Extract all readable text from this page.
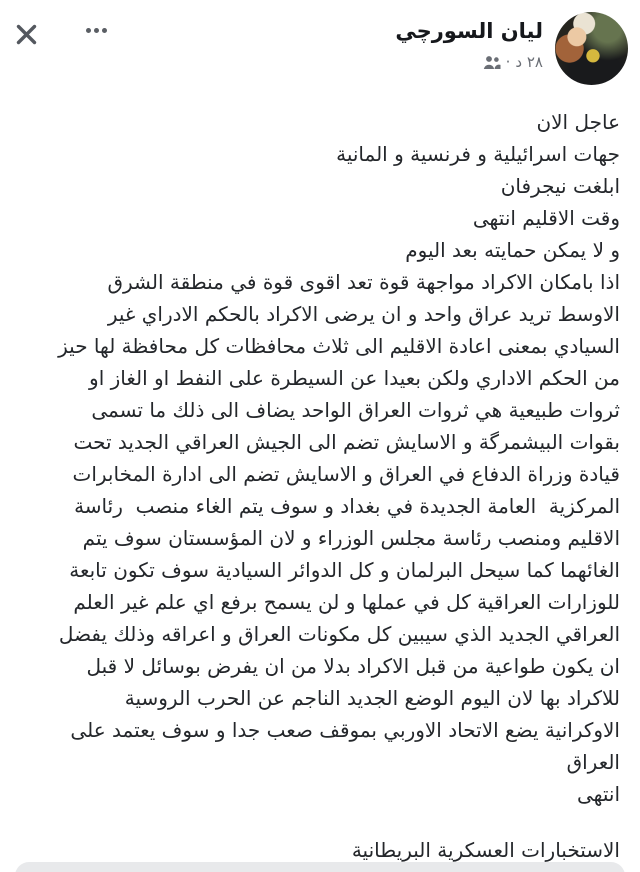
ليان السورچي
٢٨ د
·
عاجل الان
جهات اسرائيلية و فرنسية و المانية
ابلغت نيجرفان
وقت الاقليم انتهى
و لا يمكن حمايته بعد اليوم
اذا بامكان الاكراد مواجهة قوة تعد اقوى قوة في منطقة الشرق
الاوسط تريد عراق واحد و ان يرضى الاكراد بالحكم الادراي غير
السيادي بمعنى اعادة الاقليم الى ثلاث محافظات كل محافظة لها حيز
من الحكم الاداري ولكن بعيدا عن السيطرة على النفط او الغاز او
ثروات طبيعية هي ثروات العراق الواحد يضاف الى ذلك ما تسمى
بقوات البيشمرگة و الاسايش تضم الى الجيش العراقي الجديد تحت
قيادة وزراة الدفاع في العراق و الاسايش تضم الى ادارة المخابرات
المركزية  العامة الجديدة في بغداد و سوف يتم الغاء منصب  رئاسة
الاقليم ومنصب رئاسة مجلس الوزراء و لان المؤسستان سوف يتم
الغائهما كما سيحل البرلمان و كل الدوائر السيادية سوف تكون تابعة
للوزارات العراقية كل في عملها و لن يسمح برفع اي علم غير العلم
العراقي الجديد الذي سيبين كل مكونات العراق و اعراقه وذلك يفضل
ان يكون طواعية من قبل الاكراد بدلا من ان يفرض بوسائل لا قبل
للاكراد بها لان اليوم الوضع الجديد الناجم عن الحرب الروسية
الاوكرانية يضع الاتحاد الاوربي بموقف صعب جدا و سوف يعتمد على
العراق
انتهى
الاستخبارات العسكرية البريطانية
